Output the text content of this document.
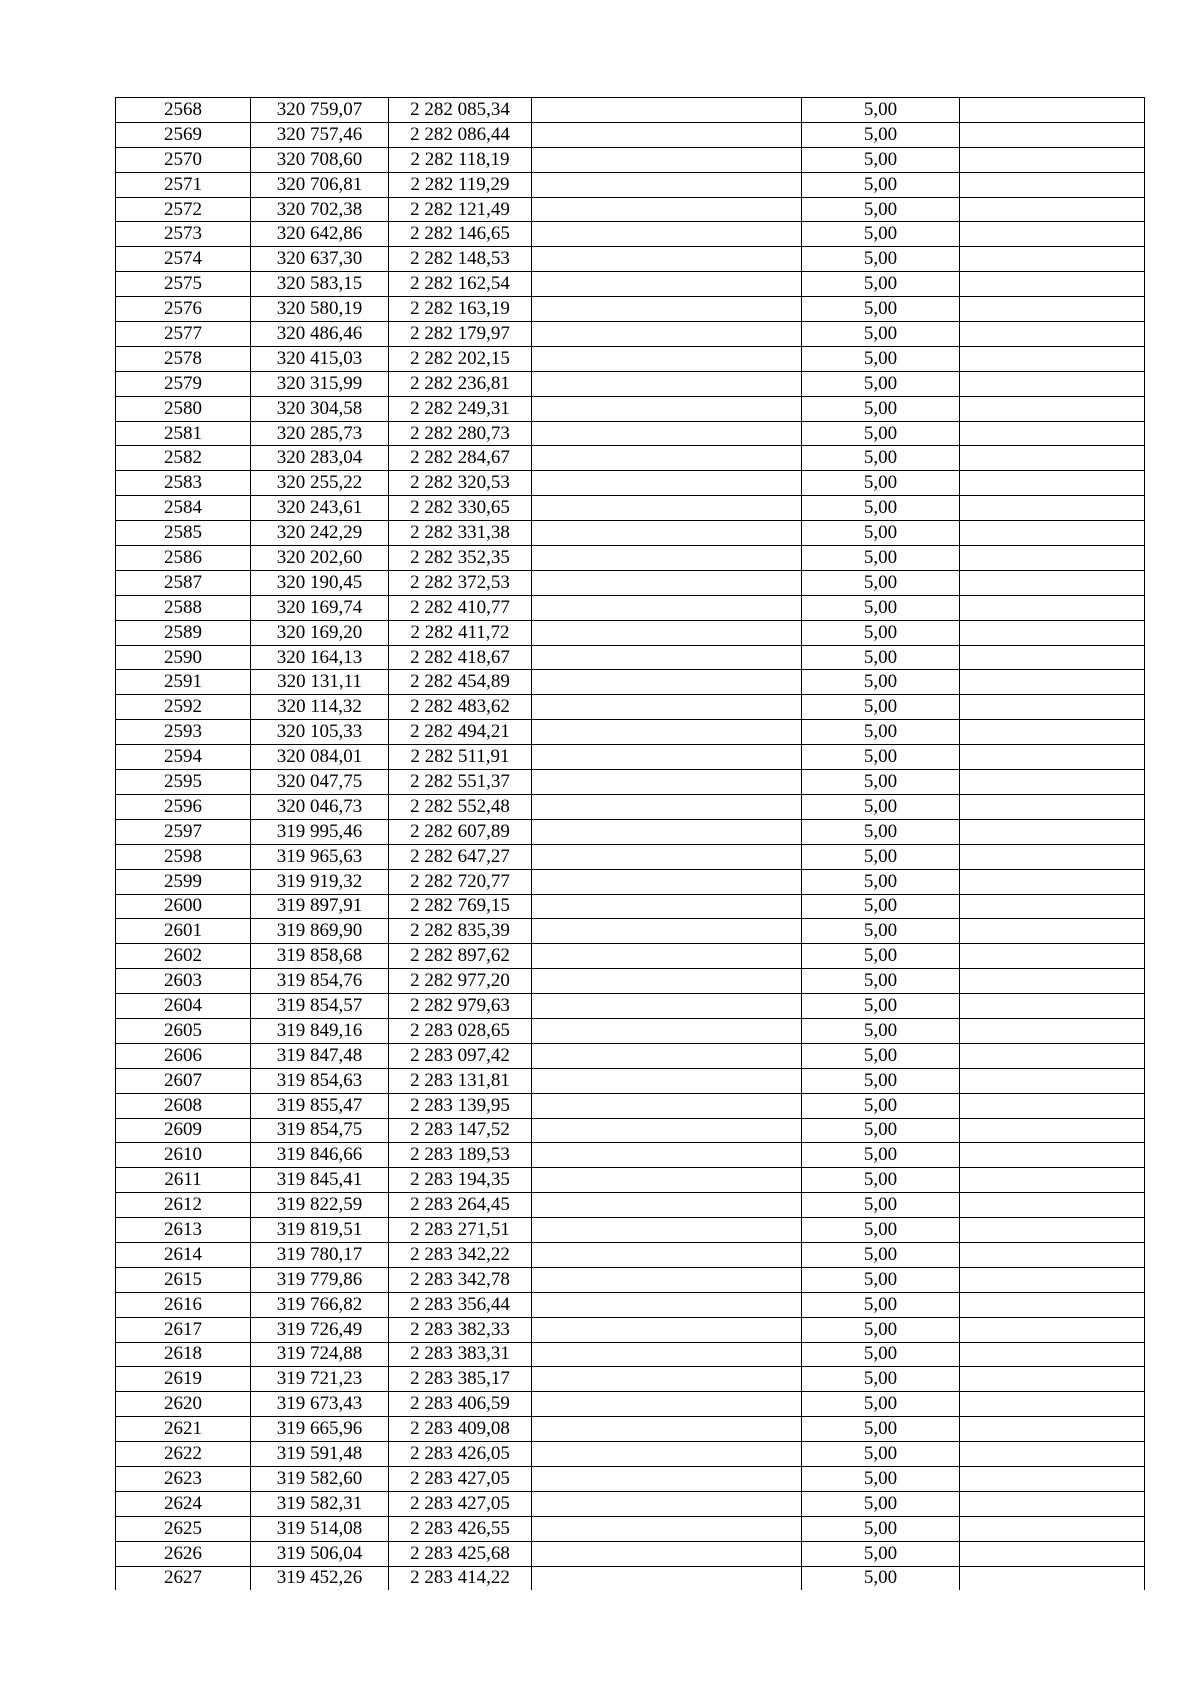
2568	320 759,07	2 282 085,34		5,00	
2569	320 757,46	2 282 086,44		5,00	
2570	320 708,60	2 282 118,19		5,00	
2571	320 706,81	2 282 119,29		5,00	
2572	320 702,38	2 282 121,49		5,00	
2573	320 642,86	2 282 146,65		5,00	
2574	320 637,30	2 282 148,53		5,00	
2575	320 583,15	2 282 162,54		5,00	
2576	320 580,19	2 282 163,19		5,00	
2577	320 486,46	2 282 179,97		5,00	
2578	320 415,03	2 282 202,15		5,00	
2579	320 315,99	2 282 236,81		5,00	
2580	320 304,58	2 282 249,31		5,00	
2581	320 285,73	2 282 280,73		5,00	
2582	320 283,04	2 282 284,67		5,00	
2583	320 255,22	2 282 320,53		5,00	
2584	320 243,61	2 282 330,65		5,00	
2585	320 242,29	2 282 331,38		5,00	
2586	320 202,60	2 282 352,35		5,00	
2587	320 190,45	2 282 372,53		5,00	
2588	320 169,74	2 282 410,77		5,00	
2589	320 169,20	2 282 411,72		5,00	
2590	320 164,13	2 282 418,67		5,00	
2591	320 131,11	2 282 454,89		5,00	
2592	320 114,32	2 282 483,62		5,00	
2593	320 105,33	2 282 494,21		5,00	
2594	320 084,01	2 282 511,91		5,00	
2595	320 047,75	2 282 551,37		5,00	
2596	320 046,73	2 282 552,48		5,00	
2597	319 995,46	2 282 607,89		5,00	
2598	319 965,63	2 282 647,27		5,00	
2599	319 919,32	2 282 720,77		5,00	
2600	319 897,91	2 282 769,15		5,00	
2601	319 869,90	2 282 835,39		5,00	
2602	319 858,68	2 282 897,62		5,00	
2603	319 854,76	2 282 977,20		5,00	
2604	319 854,57	2 282 979,63		5,00	
2605	319 849,16	2 283 028,65		5,00	
2606	319 847,48	2 283 097,42		5,00	
2607	319 854,63	2 283 131,81		5,00	
2608	319 855,47	2 283 139,95		5,00	
2609	319 854,75	2 283 147,52		5,00	
2610	319 846,66	2 283 189,53		5,00	
2611	319 845,41	2 283 194,35		5,00	
2612	319 822,59	2 283 264,45		5,00	
2613	319 819,51	2 283 271,51		5,00	
2614	319 780,17	2 283 342,22		5,00	
2615	319 779,86	2 283 342,78		5,00	
2616	319 766,82	2 283 356,44		5,00	
2617	319 726,49	2 283 382,33		5,00	
2618	319 724,88	2 283 383,31		5,00	
2619	319 721,23	2 283 385,17		5,00	
2620	319 673,43	2 283 406,59		5,00	
2621	319 665,96	2 283 409,08		5,00	
2622	319 591,48	2 283 426,05		5,00	
2623	319 582,60	2 283 427,05		5,00	
2624	319 582,31	2 283 427,05		5,00	
2625	319 514,08	2 283 426,55		5,00	
2626	319 506,04	2 283 425,68		5,00	
2627	319 452,26	2 283 414,22		5,00	
